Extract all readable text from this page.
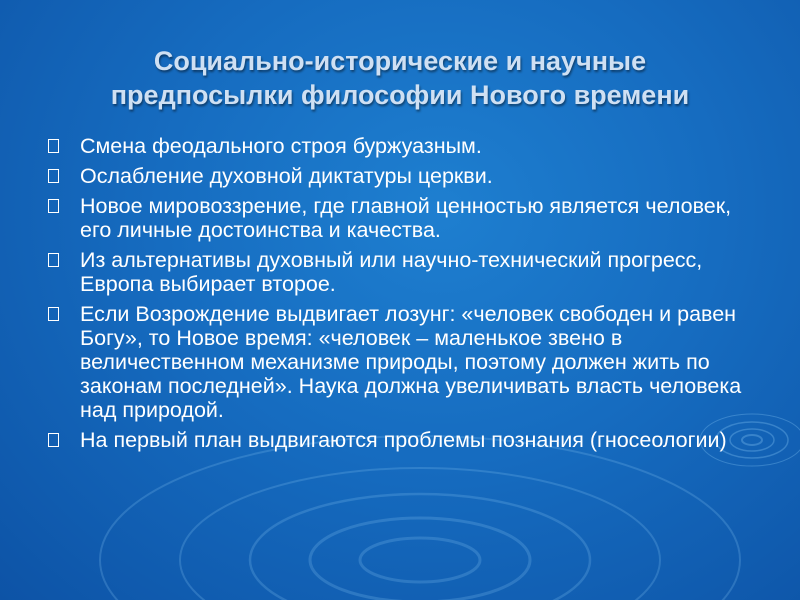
Социально-исторические и научные
предпосылки философии Нового времени
Смена феодального строя буржуазным.
Ослабление духовной диктатуры церкви.
Новое мировоззрение, где главной ценностью является человек, его личные достоинства и качества.
Из альтернативы духовный или научно-технический прогресс, Европа выбирает второе.
Если Возрождение выдвигает лозунг: «человек свободен и равен Богу», то Новое время: «человек – маленькое звено в величественном механизме природы, поэтому должен жить по законам последней». Наука должна увеличивать власть человека над природой.
На первый план выдвигаются проблемы познания (гносеологии)
